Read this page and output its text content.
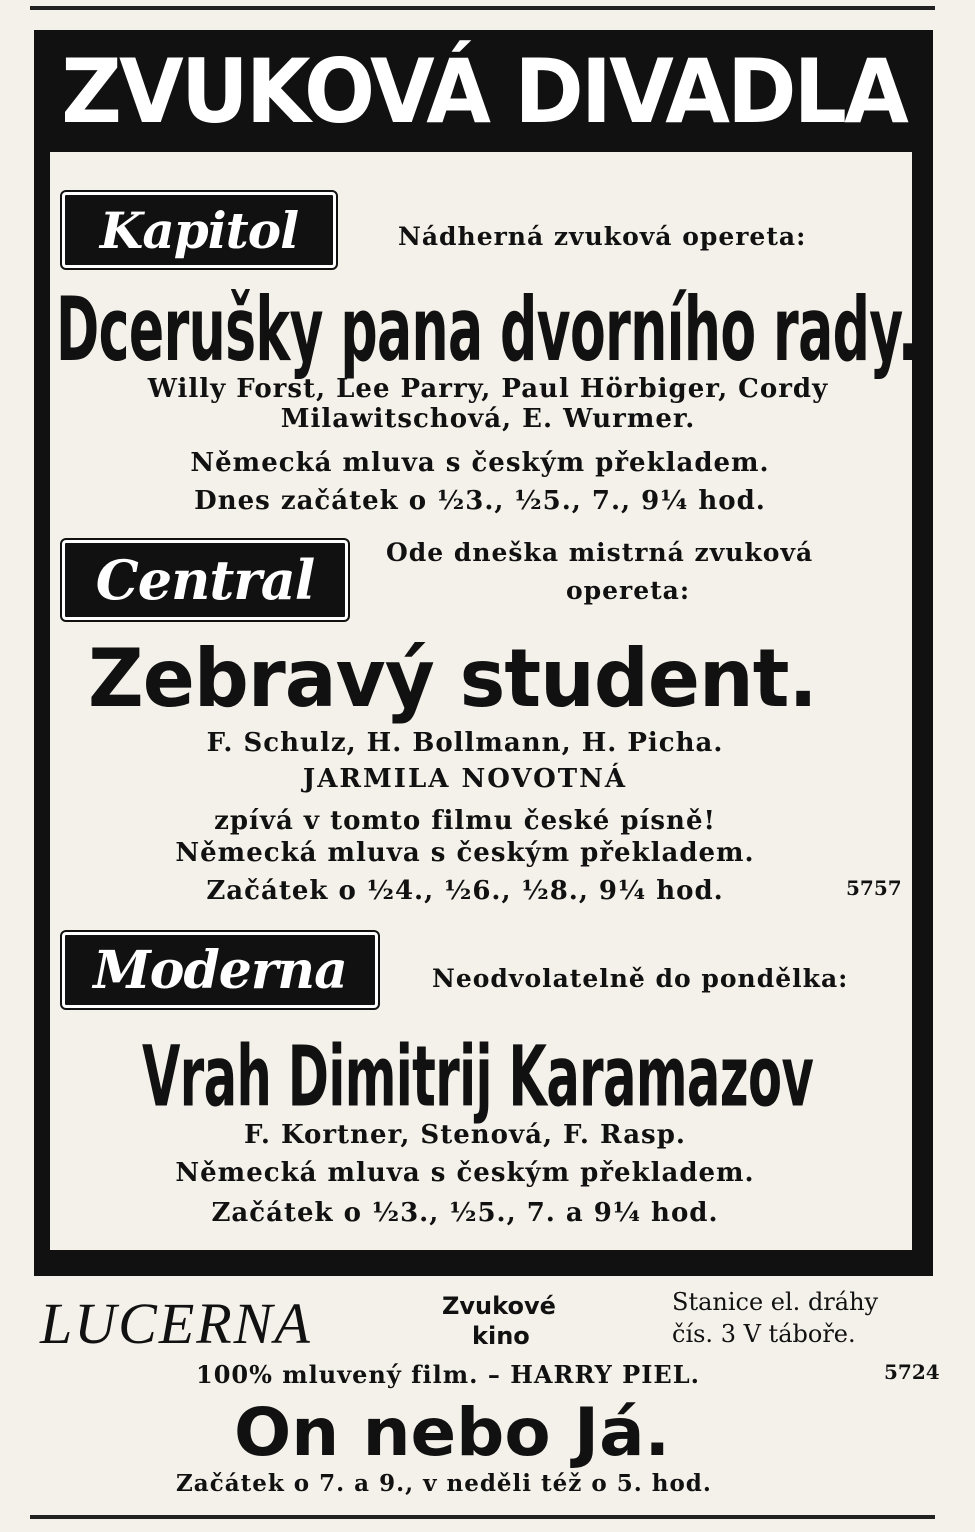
ZVUKOVÁ DIVADLA
Kapitol	Nádherná zvuková opereta:
Dcerušky pana dvorního rady.
Willy Forst, Lee Parry, Paul Hörbiger, Cordy
Milawitschová, E. Wurmer.
Německá mluva s českým překladem.
Dnes začátek o ½3., ½5., 7., 9¼ hod.
Central	Ode dneška mistrná zvuková
opereta:
Zebravý student.
F. Schulz, H. Bollmann, H. Picha.
JARMILA NOVOTNÁ
zpívá v tomto filmu české písně!
Německá mluva s českým překladem.
Začátek o ½4., ½6., ½8., 9¼ hod.	5757
Moderna	Neodvolatelně do pondělka:
Vrah Dimitrij Karamazov
F. Kortner, Stenová, F. Rasp.
Německá mluva s českým překladem.
Začátek o ½3., ½5., 7. a 9¼ hod.
LUCERNA	Zvukové
kino
Stanice el. dráhy
čís. 3 V táboře.
100% mluvený film. – HARRY PIEL.	5724
On nebo Já.
Začátek o 7. a 9., v neděli též o 5. hod.
